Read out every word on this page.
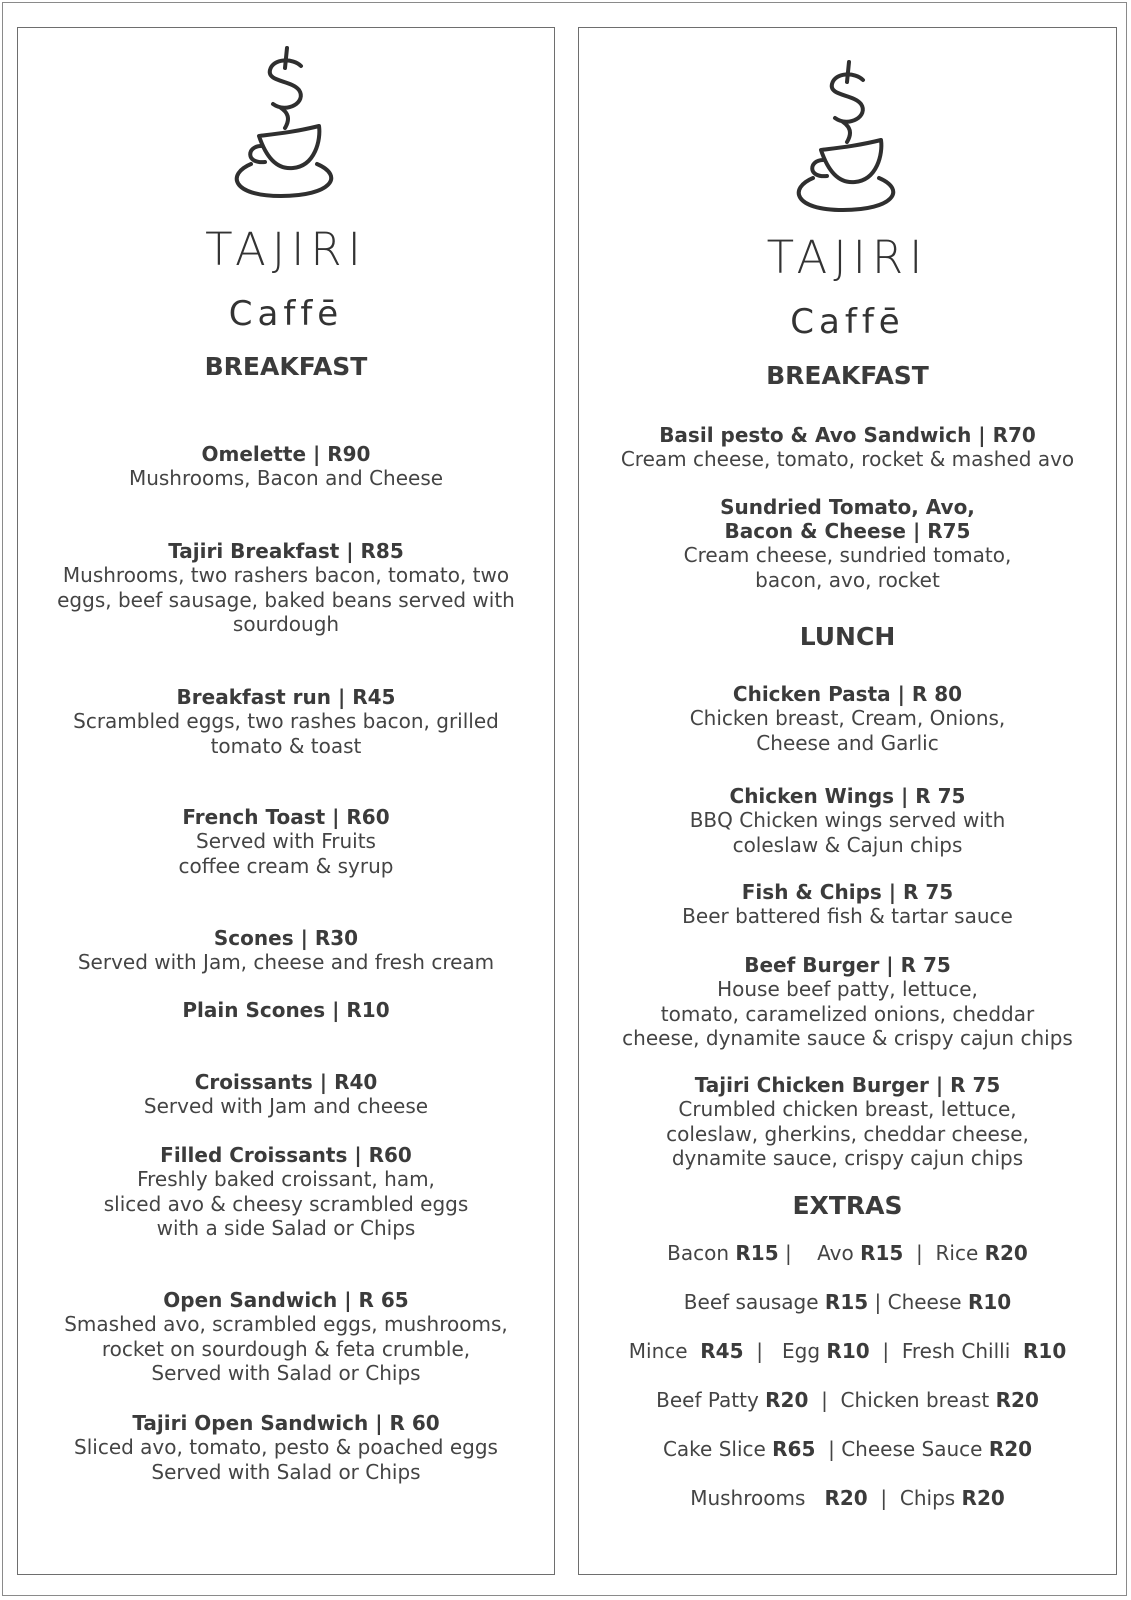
TAJIRI
Caffē
BREAKFAST
Omelette | R90
Mushrooms, Bacon and Cheese
Tajiri Breakfast | R85
Mushrooms, two rashers bacon, tomato, two
eggs, beef sausage, baked beans served with
sourdough
Breakfast run | R45
Scrambled eggs, two rashes bacon, grilled
tomato & toast
French Toast | R60
Served with Fruits
coffee cream & syrup
Scones | R30
Served with Jam, cheese and fresh cream
Plain Scones | R10
Croissants | R40
Served with Jam and cheese
Filled Croissants | R60
Freshly baked croissant, ham,
sliced avo & cheesy scrambled eggs
with a side Salad or Chips
Open Sandwich | R 65
Smashed avo, scrambled eggs, mushrooms,
rocket on sourdough & feta crumble,
Served with Salad or Chips
Tajiri Open Sandwich | R 60
Sliced avo, tomato, pesto & poached eggs
Served with Salad or Chips
TAJIRI
Caffē
BREAKFAST
Basil pesto & Avo Sandwich | R70
Cream cheese, tomato, rocket & mashed avo
Sundried Tomato, Avo,
Bacon & Cheese | R75
Cream cheese, sundried tomato,
bacon, avo, rocket
LUNCH
Chicken Pasta | R 80
Chicken breast, Cream, Onions,
Cheese and Garlic
Chicken Wings | R 75
BBQ Chicken wings served with
coleslaw & Cajun chips
Fish & Chips | R 75
Beer battered fish & tartar sauce
Beef Burger | R 75
House beef patty, lettuce,
tomato, caramelized onions, cheddar
cheese, dynamite sauce & crispy cajun chips
Tajiri Chicken Burger | R 75
Crumbled chicken breast, lettuce,
coleslaw, gherkins, cheddar cheese,
dynamite sauce, crispy cajun chips
EXTRAS
Bacon R15 |    Avo R15  |  Rice R20
Beef sausage R15 | Cheese R10
Mince  R45  |   Egg R10  |  Fresh Chilli  R10
Beef Patty R20  |  Chicken breast R20
Cake Slice R65  | Cheese Sauce R20
Mushrooms   R20  |  Chips R20
